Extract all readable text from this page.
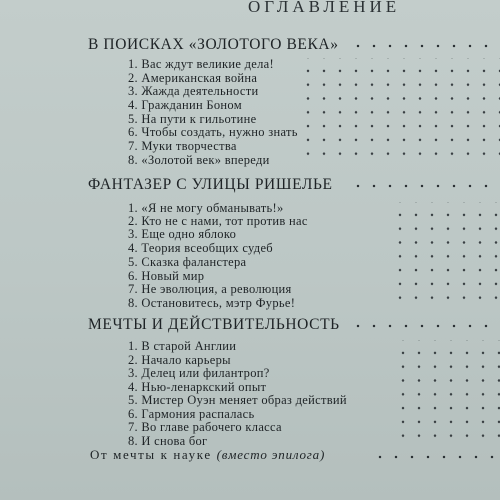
ОГЛАВЛЕНИЕ
В ПОИСКАХ «ЗОЛОТОГО ВЕКА»
1. Вас ждут великие дела!
2. Американская война
3. Жажда деятельности
4. Гражданин Боном
5. На пути к гильотине
6. Чтобы создать, нужно знать
7. Муки творчества
8. «Золотой век» впереди
ФАНТАЗЕР С УЛИЦЫ РИШЕЛЬЕ
1. «Я не могу обманывать!»
2. Кто не с нами, тот против нас
3. Еще одно яблоко
4. Теория всеобщих судеб
5. Сказка фаланстера
6. Новый мир
7. Не эволюция, а революция
8. Остановитесь, мэтр Фурье!
МЕЧТЫ И ДЕЙСТВИТЕЛЬНОСТЬ
1. В старой Англии
2. Начало карьеры
3. Делец или филантроп?
4. Нью-ленаркский опыт
5. Мистер Оуэн меняет образ действий
6. Гармония распалась
7. Во главе рабочего класса
8. И снова бог
От мечты к науке (вместо эпилога)
